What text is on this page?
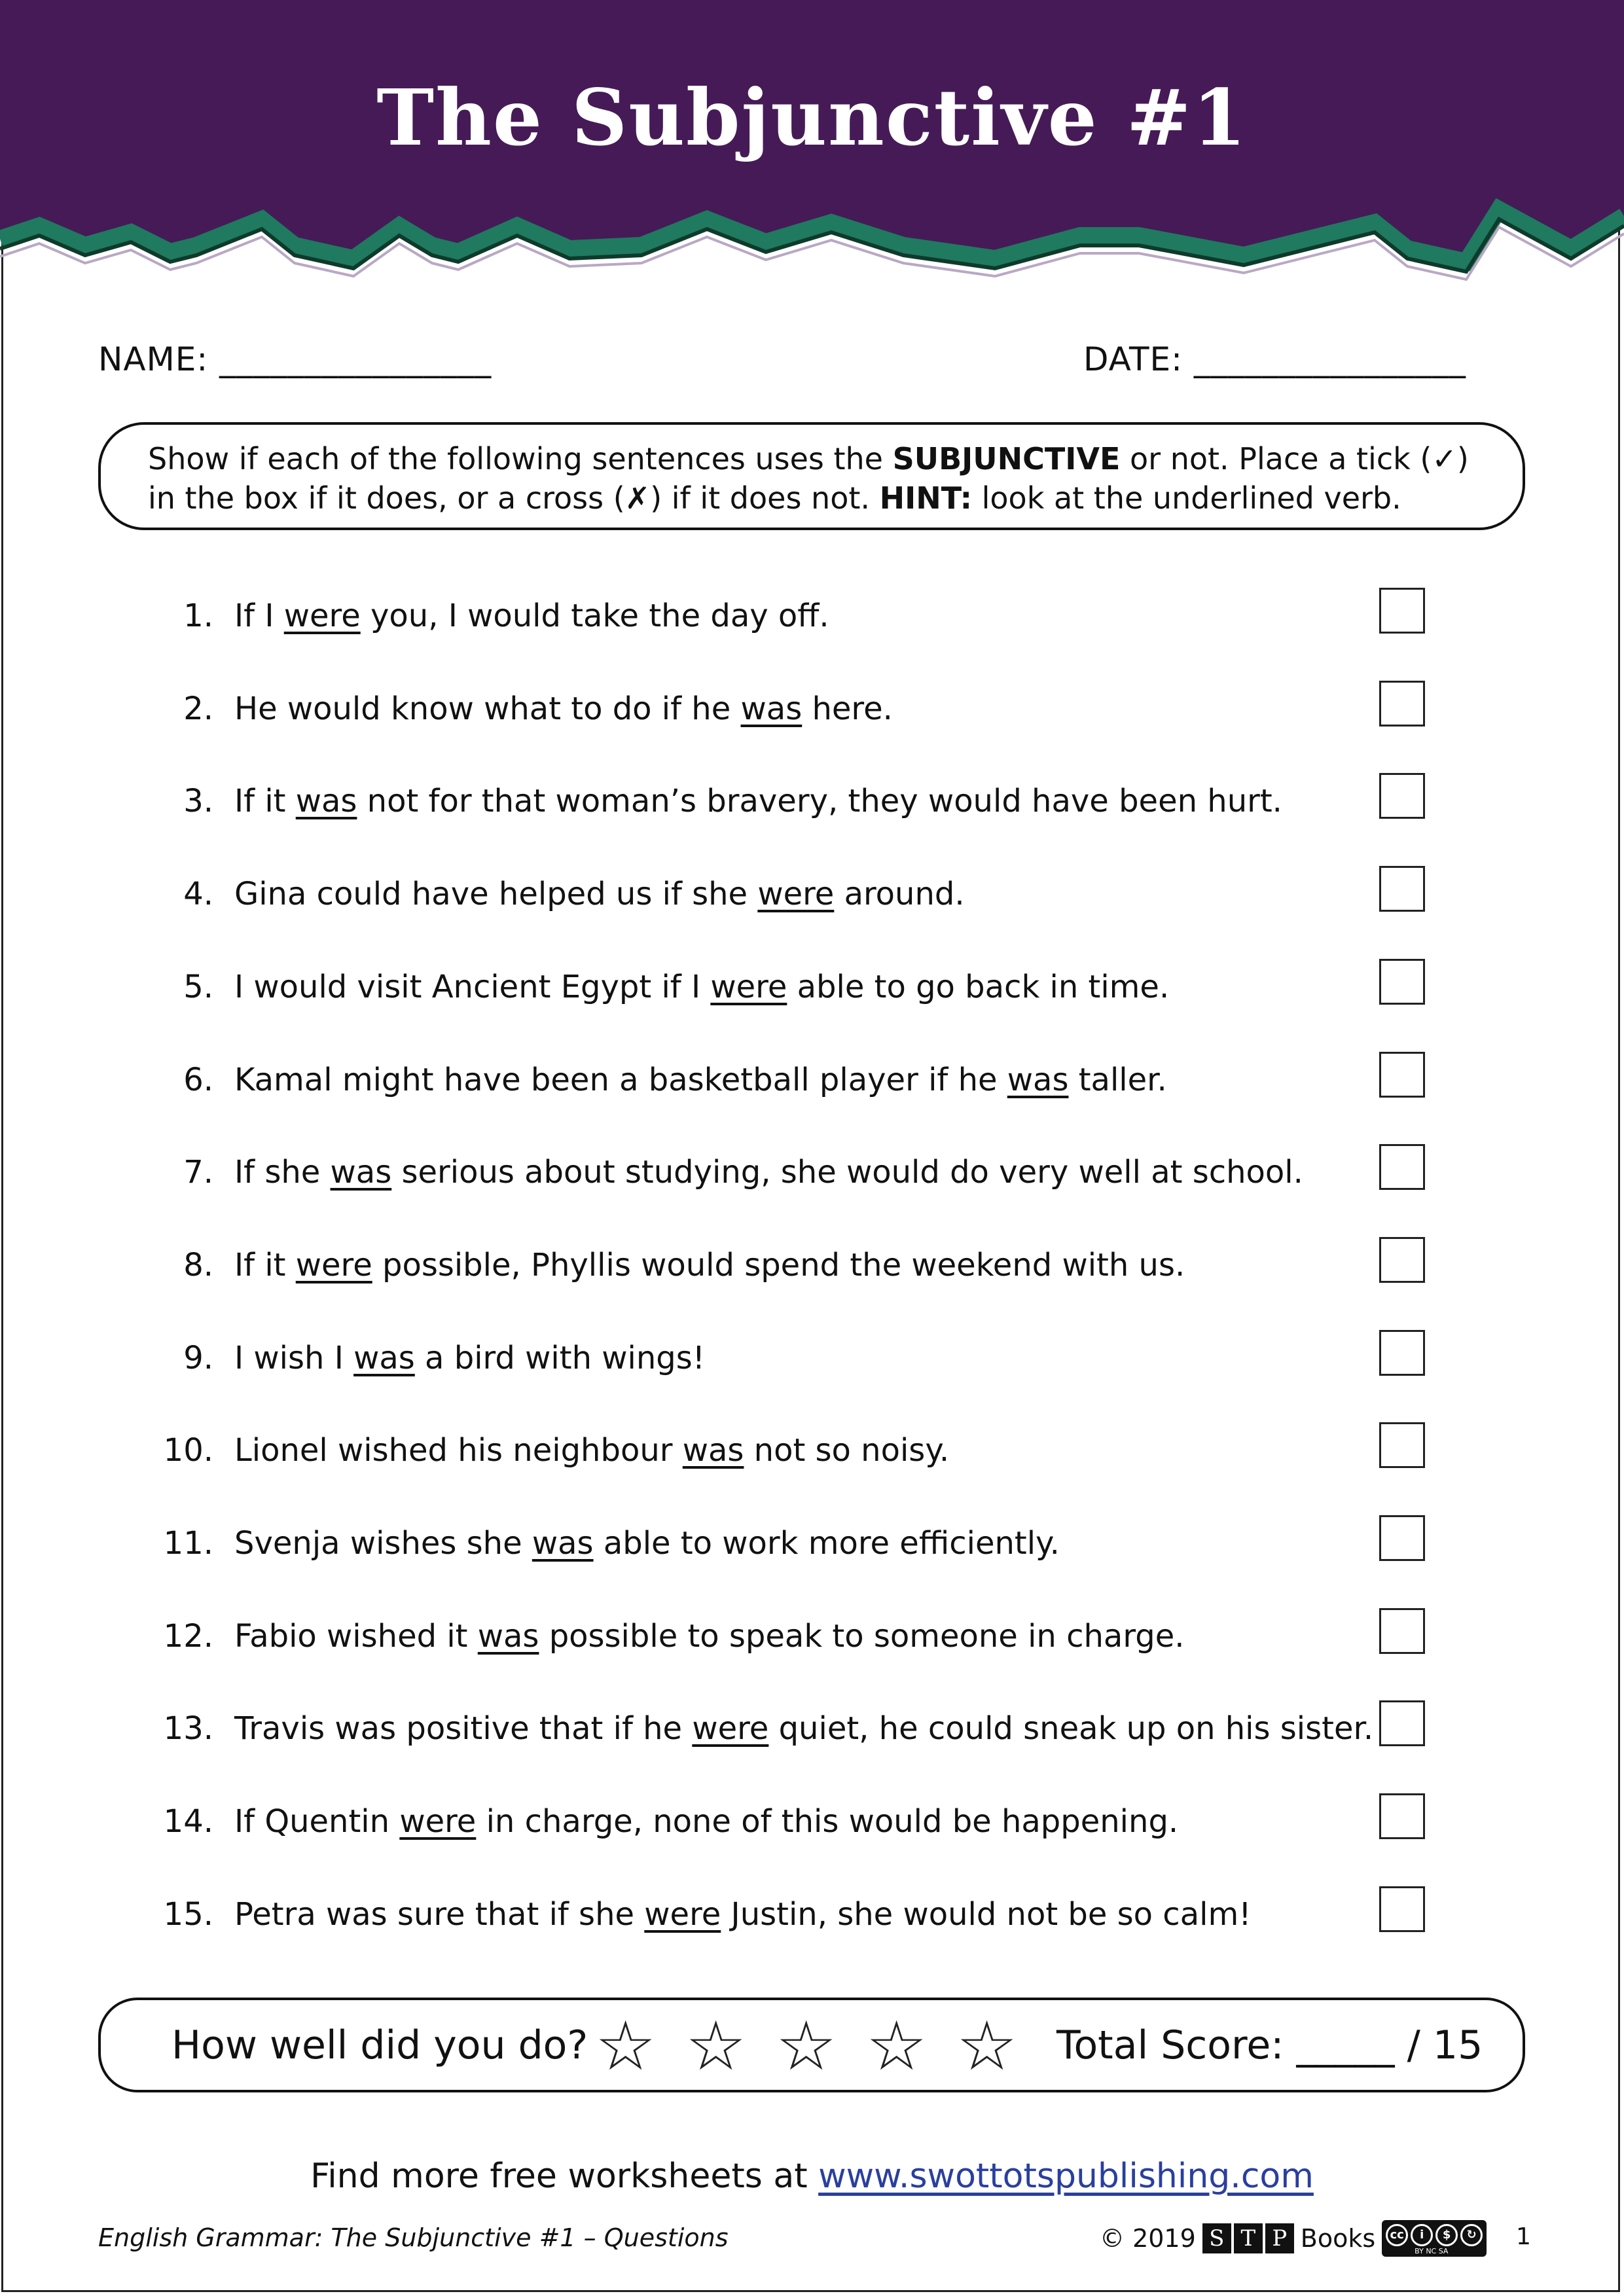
The Subjunctive #1
NAME: ________________	DATE: ________________
Show if each of the following sentences uses the SUBJUNCTIVE or not. Place a tick (✓) in the box if it does, or a cross (✗) if it does not. HINT: look at the underlined verb.
1. If I were you, I would take the day off.
2. He would know what to do if he was here.
3. If it was not for that woman’s bravery, they would have been hurt.
4. Gina could have helped us if she were around.
5. I would visit Ancient Egypt if I were able to go back in time.
6. Kamal might have been a basketball player if he was taller.
7. If she was serious about studying, she would do very well at school.
8. If it were possible, Phyllis would spend the weekend with us.
9. I wish I was a bird with wings!
10. Lionel wished his neighbour was not so noisy.
11. Svenja wishes she was able to work more efficiently.
12. Fabio wished it was possible to speak to someone in charge.
13. Travis was positive that if he were quiet, he could sneak up on his sister.
14. If Quentin were in charge, none of this would be happening.
15. Petra was sure that if she were Justin, she would not be so calm!
How well did you do? ☆ ☆ ☆ ☆ ☆ Total Score: _____ / 15
Find more free worksheets at www.swottotspublishing.com
English Grammar: The Subjunctive #1 – Questions	© 2019 S T P Books	cc	i	$	↻
BY NC SA
1
